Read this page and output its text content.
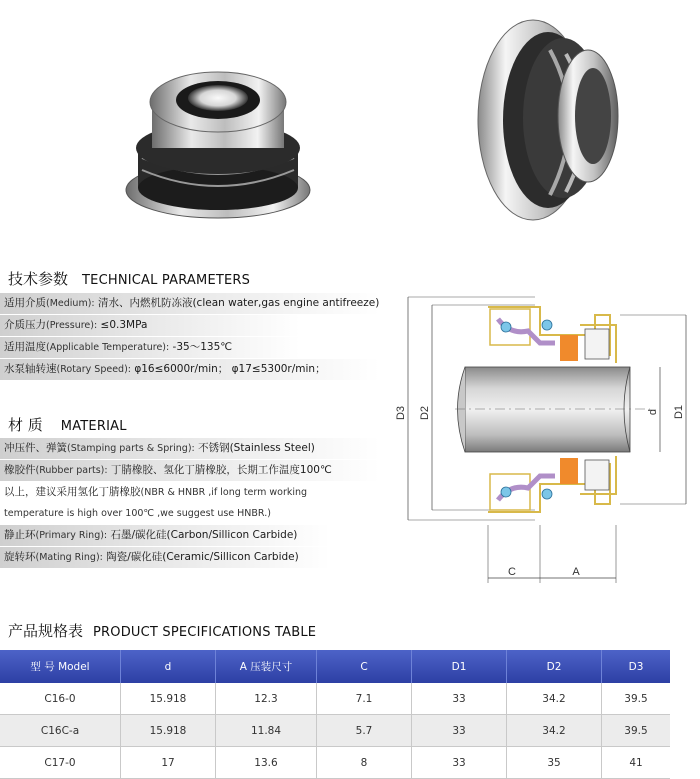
技术参数 TECHNICAL PARAMETERS
适用介质(Medium): 清水、内燃机防冻液(clean water,gas engine antifreeze)
介质压力(Pressure): ≤0.3MPa
适用温度(Applicable Temperature): -35～135℃
水泵轴转速(Rotary Speed): φ16≤6000r/min； φ17≤5300r/min；
材 质 MATERIAL
冲压件、弹簧(Stamping parts & Spring): 不锈钢(Stainless Steel)
橡胶件(Rubber parts): 丁腈橡胶、氢化丁腈橡胶，长期工作温度100℃
以上，建议采用氢化丁腈橡胶(NBR & HNBR ,if long term working
temperature is high over 100℃ ,we suggest use HNBR.)
静止环(Primary Ring): 石墨/碳化硅(Carbon/Sillicon Carbide)
旋转环(Mating Ring): 陶瓷/碳化硅(Ceramic/Sillicon Carbide)
D3 D2	d D1
C	A
产品规格表 PRODUCT SPECIFICATIONS TABLE
型 号 Model	d	A 压装尺寸	C	D1	D2	D3
C16-0	15.918	12.3	7.1	33	34.2	39.5
C16C-a	15.918	11.84	5.7	33	34.2	39.5
C17-0	17	13.6	8	33	35	41
